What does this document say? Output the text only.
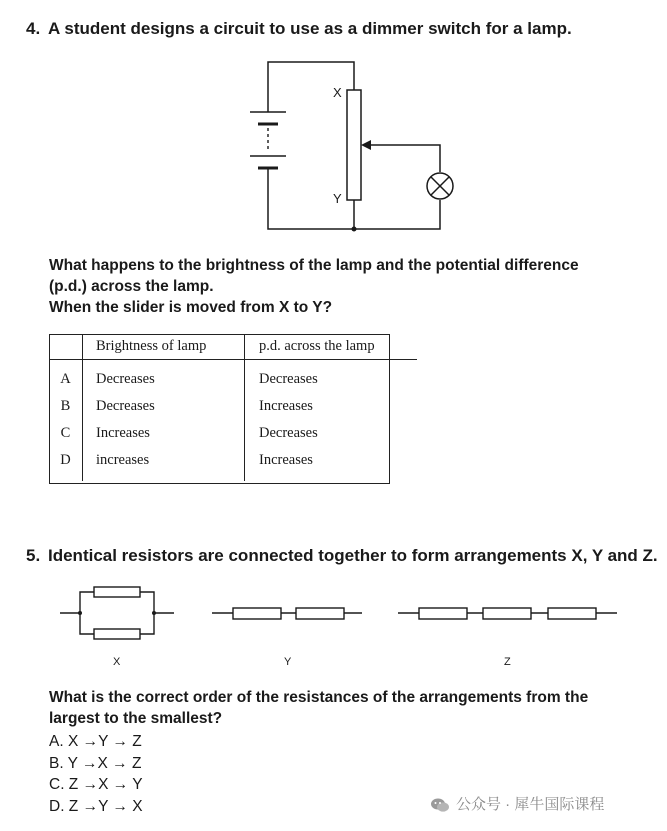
4. A student designs a circuit to use as a dimmer switch for a lamp.
X
Y
What happens to the brightness of the lamp and the potential difference
(p.d.) across the lamp.
When the slider is moved from X to Y?
	Brightness of lamp	p.d. across the lamp
A	Decreases	Decreases
B	Decreases	Increases
C	Increases	Decreases
D	increases	Increases
5. Identical resistors are connected together to form arrangements X, Y and Z.
X	Y	Z
What is the correct order of the resistances of the arrangements from the
largest to the smallest?
A. X →Y → Z
B. Y →X → Z
C. Z →X → Y
D. Z →Y → X	公众号 · 犀牛国际课程
